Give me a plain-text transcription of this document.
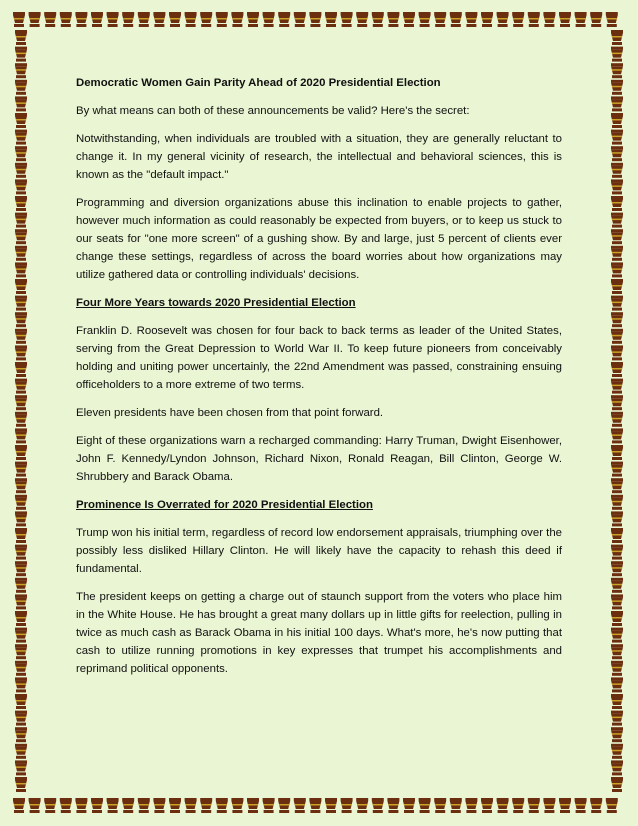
Democratic Women Gain Parity Ahead of 2020 Presidential Election

By what means can both of these announcements be valid? Here's the secret:

Notwithstanding, when individuals are troubled with a situation, they are generally reluctant to change it. In my general vicinity of research, the intellectual and behavioral sciences, this is known as the "default impact."

Programming and diversion organizations abuse this inclination to enable projects to gather, however much information as could reasonably be expected from buyers, or to keep us stuck to our seats for "one more screen" of a gushing show. By and large, just 5 percent of clients ever change these settings, regardless of across the board worries about how organizations may utilize gathered data or controlling individuals' decisions.

Four More Years towards 2020 Presidential Election

Franklin D. Roosevelt was chosen for four back to back terms as leader of the United States, serving from the Great Depression to World War II. To keep future pioneers from conceivably holding and uniting power uncertainly, the 22nd Amendment was passed, constraining ensuing officeholders to a more extreme of two terms.

Eleven presidents have been chosen from that point forward.

Eight of these organizations warn a recharged commanding: Harry Truman, Dwight Eisenhower, John F. Kennedy/Lyndon Johnson, Richard Nixon, Ronald Reagan, Bill Clinton, George W. Shrubbery and Barack Obama.

Prominence Is Overrated for 2020 Presidential Election

Trump won his initial term, regardless of record low endorsement appraisals, triumphing over the possibly less disliked Hillary Clinton. He will likely have the capacity to rehash this deed if fundamental.

The president keeps on getting a charge out of staunch support from the voters who place him in the White House. He has brought a great many dollars up in little gifts for reelection, pulling in twice as much cash as Barack Obama in his initial 100 days. What's more, he's now putting that cash to utilize running promotions in key expresses that trumpet his accomplishments and reprimand political opponents.
